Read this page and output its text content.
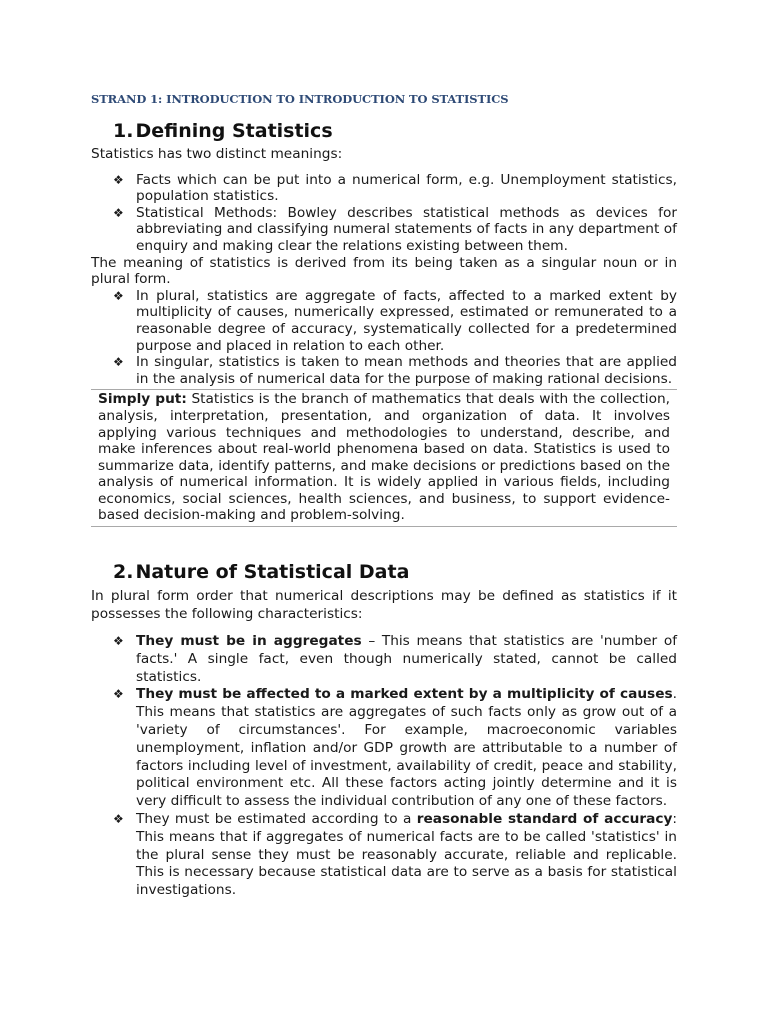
STRAND 1: INTRODUCTION TO INTRODUCTION TO STATISTICS
1. Defining Statistics

Statistics has two distinct meanings:

❖ Facts which can be put into a numerical form, e.g. Unemployment statistics, population statistics.
❖ Statistical Methods: Bowley describes statistical methods as devices for abbreviating and classifying numeral statements of facts in any department of enquiry and making clear the relations existing between them.

The meaning of statistics is derived from its being taken as a singular noun or in plural form.

❖ In plural, statistics are aggregate of facts, affected to a marked extent by multiplicity of causes, numerically expressed, estimated or remunerated to a reasonable degree of accuracy, systematically collected for a predetermined purpose and placed in relation to each other.
❖ In singular, statistics is taken to mean methods and theories that are applied in the analysis of numerical data for the purpose of making rational decisions.

Simply put: Statistics is the branch of mathematics that deals with the collection, analysis, interpretation, presentation, and organization of data. It involves applying various techniques and methodologies to understand, describe, and make inferences about real-world phenomena based on data. Statistics is used to summarize data, identify patterns, and make decisions or predictions based on the analysis of numerical information. It is widely applied in various fields, including economics, social sciences, health sciences, and business, to support evidence-based decision-making and problem-solving.

2. Nature of Statistical Data

In plural form order that numerical descriptions may be defined as statistics if it possesses the following characteristics:

❖ They must be in aggregates – This means that statistics are 'number of facts.' A single fact, even though numerically stated, cannot be called statistics.
❖ They must be affected to a marked extent by a multiplicity of causes. This means that statistics are aggregates of such facts only as grow out of a 'variety of circumstances'. For example, macroeconomic variables unemployment, inflation and/or GDP growth are attributable to a number of factors including level of investment, availability of credit, peace and stability, political environment etc. All these factors acting jointly determine and it is very difficult to assess the individual contribution of any one of these factors.
❖ They must be estimated according to a reasonable standard of accuracy: This means that if aggregates of numerical facts are to be called 'statistics' in the plural sense they must be reasonably accurate, reliable and replicable. This is necessary because statistical data are to serve as a basis for statistical investigations.
